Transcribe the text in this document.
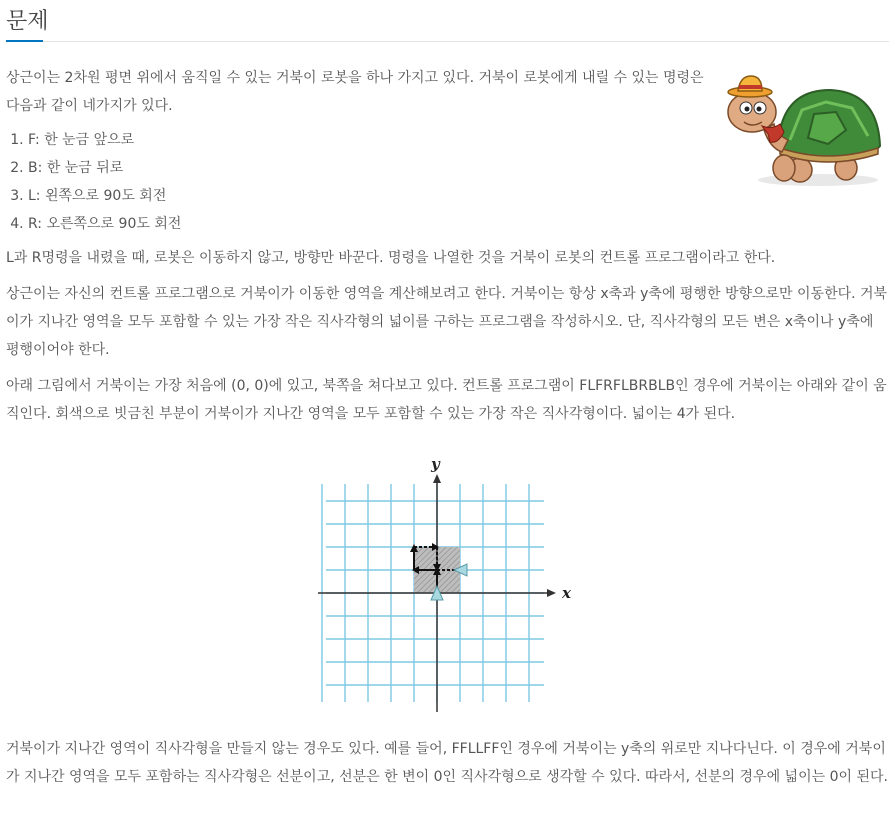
문제

상근이는 2차원 평면 위에서 움직일 수 있는 거북이 로봇을 하나 가지고 있다. 거북이 로봇에게 내릴 수 있는 명령은 다음과 같이 네가지가 있다.

1. F: 한 눈금 앞으로
2. B: 한 눈금 뒤로
3. L: 왼쪽으로 90도 회전
4. R: 오른쪽으로 90도 회전

L과 R명령을 내렸을 때, 로봇은 이동하지 않고, 방향만 바꾼다. 명령을 나열한 것을 거북이 로봇의 컨트롤 프로그램이라고 한다.

상근이는 자신의 컨트롤 프로그램으로 거북이가 이동한 영역을 계산해보려고 한다. 거북이는 항상 x축과 y축에 평행한 방향으로만 이동한다. 거북이가 지나간 영역을 모두 포함할 수 있는 가장 작은 직사각형의 넓이를 구하는 프로그램을 작성하시오. 단, 직사각형의 모든 변은 x축이나 y축에 평행이어야 한다.

아래 그림에서 거북이는 가장 처음에 (0, 0)에 있고, 북쪽을 쳐다보고 있다. 컨트롤 프로그램이 FLFRFLBRBLB인 경우에 거북이는 아래와 같이 움직인다. 회색으로 빗금친 부분이 거북이가 지나간 영역을 모두 포함할 수 있는 가장 작은 직사각형이다. 넓이는 4가 된다.

x
y

거북이가 지나간 영역이 직사각형을 만들지 않는 경우도 있다. 예를 들어, FFLLFF인 경우에 거북이는 y축의 위로만 지나다닌다. 이 경우에 거북이가 지나간 영역을 모두 포함하는 직사각형은 선분이고, 선분은 한 변이 0인 직사각형으로 생각할 수 있다. 따라서, 선분의 경우에 넓이는 0이 된다.
